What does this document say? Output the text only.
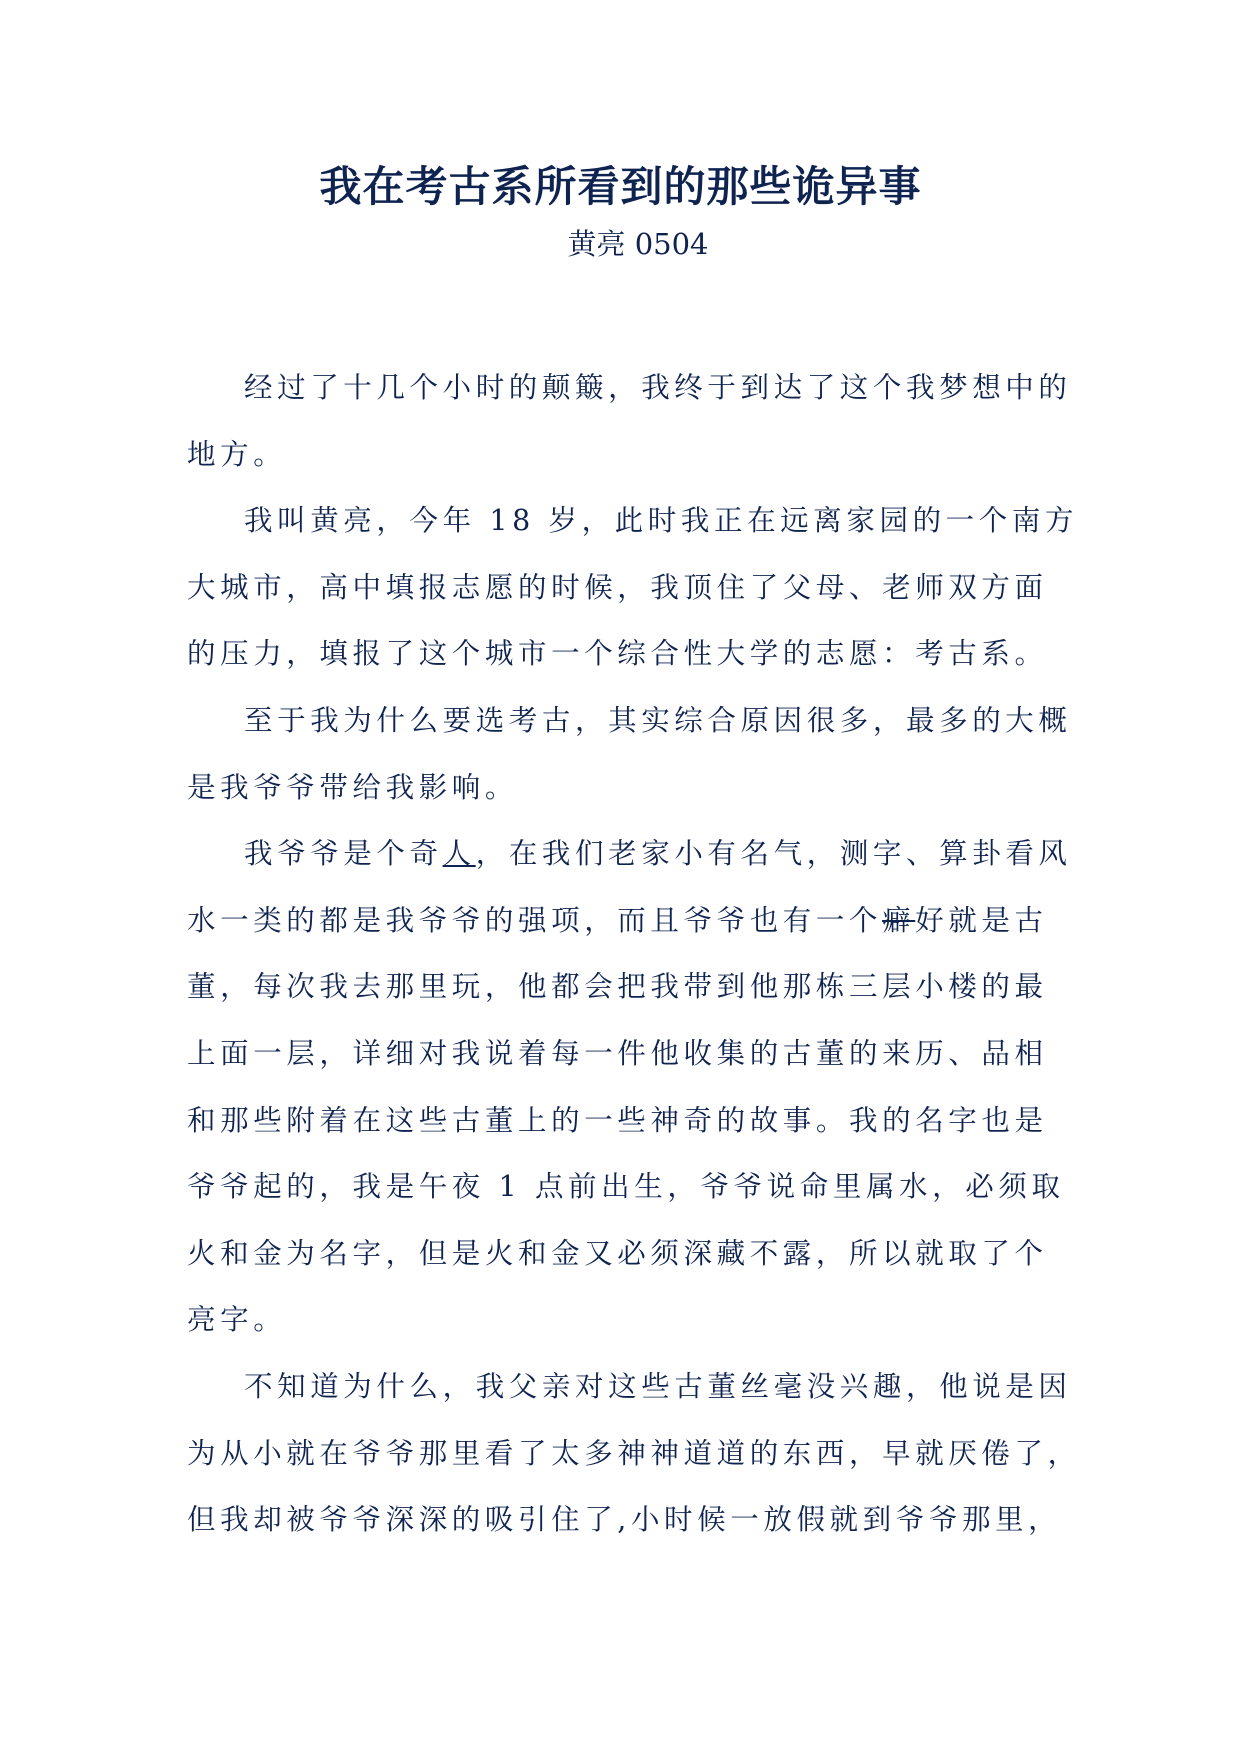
我在考古系所看到的那些诡异事
黄亮 0504

经过了十几个小时的颠簸，我终于到达了这个我梦想中的
地方。

我叫黄亮，今年 18 岁，此时我正在远离家园的一个南方
大城市，高中填报志愿的时候，我顶住了父母、老师双方面
的压力，填报了这个城市一个综合性大学的志愿：考古系。

至于我为什么要选考古，其实综合原因很多，最多的大概
是我爷爷带给我影响。

我爷爷是个奇人，在我们老家小有名气，测字、算卦看风
水一类的都是我爷爷的强项，而且爷爷也有一个癖好就是古
董，每次我去那里玩，他都会把我带到他那栋三层小楼的最
上面一层，详细对我说着每一件他收集的古董的来历、品相
和那些附着在这些古董上的一些神奇的故事。我的名字也是
爷爷起的，我是午夜 1 点前出生，爷爷说命里属水，必须取
火和金为名字，但是火和金又必须深藏不露，所以就取了个
亮字。

不知道为什么，我父亲对这些古董丝毫没兴趣，他说是因
为从小就在爷爷那里看了太多神神道道的东西，早就厌倦了，
但我却被爷爷深深的吸引住了,小时候一放假就到爷爷那里，
